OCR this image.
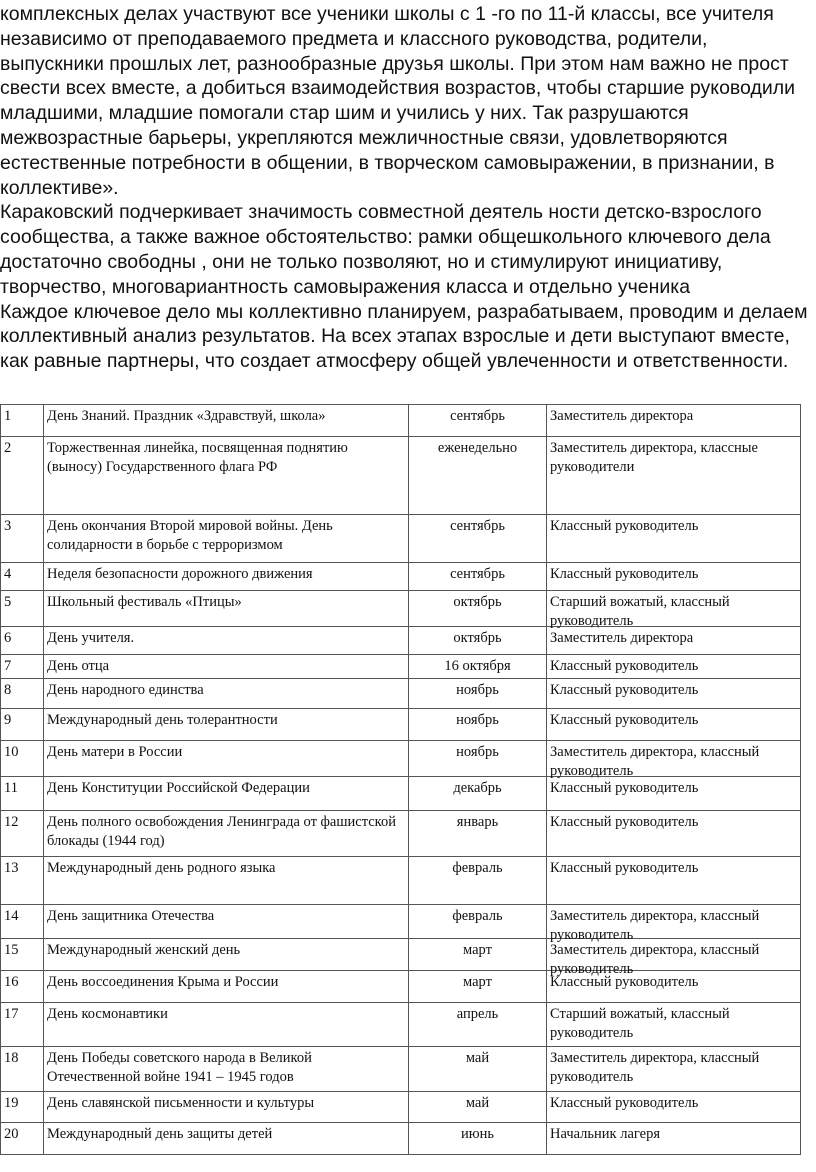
комплексных делах участвуют все ученики школы с 1 -го по 11-й классы, все учителя
независимо от преподаваемого предмета и классного руководства, родители,
выпускники прошлых лет, разнообразные друзья школы. При этом нам важно не прост
свести всех вместе, а добиться взаимодействия возрастов, чтобы старшие руководили
младшими, младшие помогали стар шим и учились у них. Так разрушаются
межвозрастные барьеры, укрепляются межличностные связи, удовлетворяются
естественные потребности в общении, в творческом самовыражении, в признании, в
коллективе».
Караковский подчеркивает значимость совместной деятель ности детско-взрослого
сообщества, а также важное обстоятельство: рамки общешкольного ключевого дела
достаточно свободны , они не только позволяют, но и стимулируют инициативу,
творчество, многовариантность самовыражения класса и отдельно ученика
Каждое ключевое дело мы коллективно планируем, разрабатываем, проводим и делаем
коллективный анализ результатов. На всех этапах взрослые и дети выступают вместе,
как равные партнеры, что создает атмосферу общей увлеченности и ответственности.
1	День Знаний. Праздник «Здравствуй, школа»	сентябрь	Заместитель директора
2	Торжественная линейка, посвященная поднятию (выносу) Государственного флага РФ	еженедельно	Заместитель директора, классные руководители
3	День окончания Второй мировой войны. День солидарности в борьбе с терроризмом	сентябрь	Классный руководитель
4	Неделя безопасности дорожного движения	сентябрь	Классный руководитель
5	Школьный фестиваль «Птицы»	октябрь	Старший вожатый, классный руководитель

6	День учителя.	октябрь	Заместитель директора
7	День отца	16 октября	Классный руководитель
8	День народного единства	ноябрь	Классный руководитель
9	Международный день толерантности	ноябрь	Классный руководитель
10	День матери в России	ноябрь	Заместитель директора, классный руководитель

11	День Конституции Российской Федерации	декабрь	Классный руководитель
12	День полного освобождения Ленинграда от фашистской блокады (1944 год)	январь	Классный руководитель
13	Международный день родного языка	февраль	Классный руководитель
14	День защитника Отечества	февраль	Заместитель директора, классный руководитель

15	Международный женский день	март	Заместитель директора, классный руководитель

16	День воссоединения Крыма и России	март	Классный руководитель
17	День космонавтики	апрель	Старший вожатый, классный руководитель
18	День Победы советского народа в Великой Отечественной войне 1941 – 1945 годов	май	Заместитель директора, классный руководитель
19	День славянской письменности и культуры	май	Классный руководитель
20	Международный день защиты детей	июнь	Начальник лагеря
